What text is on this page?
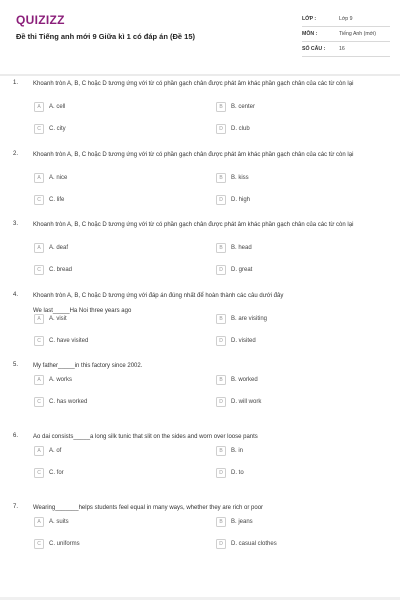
QUIZIZZ
Đề thi Tiếng anh mới 9 Giữa kì 1 có đáp án (Đề 15)
LỚP :	Lớp 9
MÔN :	Tiếng Anh (mới)
SỐ CÂU :	16
1. Khoanh tròn A, B, C hoặc D tương ứng với từ có phần gạch chân được phát âm khác phần gạch chân của các từ còn lại
A	A. cell	B	B. center
C	C. city	D	D. club
2. Khoanh tròn A, B, C hoặc D tương ứng với từ có phần gạch chân được phát âm khác phần gạch chân của các từ còn lại
A	A. nice	B	B. kiss
C	C. life	D	D. high
3. Khoanh tròn A, B, C hoặc D tương ứng với từ có phần gạch chân được phát âm khác phần gạch chân của các từ còn lại
A	A. deaf	B	B. head
C	C. bread	D	D. great
4. Khoanh tròn A, B, C hoặc D tương ứng với đáp án đúng nhất để hoàn thành các câu dưới đây
We last_____Ha Noi three years ago
A	A. visit	B	B. are visiting
C	C. have visited	D	D. visited
5. My father_____in this factory since 2002.
A	A. works	B	B. worked
C	C. has worked	D	D. will work
6. Ao dai consists_____a long silk tunic that slit on the sides and worn over loose pants
A	A. of	B	B. in
C	C. for	D	D. to
7. Wearing_______helps students feel equal in many ways, whether they are rich or poor
A	A. suits	B	B. jeans
C	C. uniforms	D	D. casual clothes
